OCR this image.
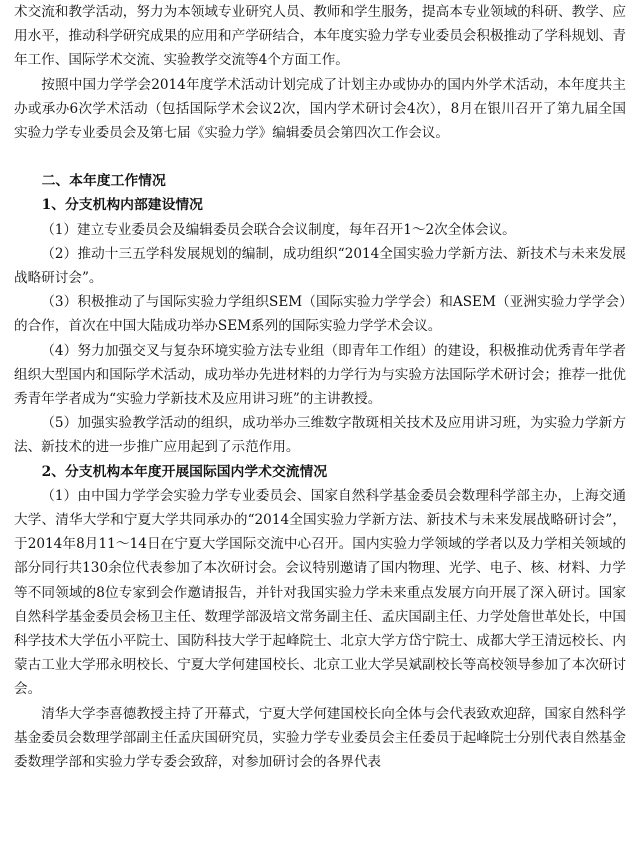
术交流和教学活动，努力为本领域专业研究人员、教师和学生服务，提高本专业领域的科研、教学、应用水平，推动科学研究成果的应用和产学研结合，本年度实验力学专业委员会积极推动了学科规划、青年工作、国际学术交流、实验教学交流等4个方面工作。

按照中国力学学会2014年度学术活动计划完成了计划主办或协办的国内外学术活动，本年度共主办或承办6次学术活动（包括国际学术会议2次，国内学术研讨会4次），8月在银川召开了第九届全国实验力学专业委员会及第七届《实验力学》编辑委员会第四次工作会议。

二、本年度工作情况
1、分支机构内部建设情况

（1）建立专业委员会及编辑委员会联合会议制度，每年召开1～2次全体会议。

（2）推动十三五学科发展规划的编制，成功组织“2014全国实验力学新方法、新技术与未来发展战略研讨会”。

（3）积极推动了与国际实验力学组织SEM（国际实验力学学会）和ASEM（亚洲实验力学学会）的合作，首次在中国大陆成功举办SEM系列的国际实验力学学术会议。

（4）努力加强交叉与复杂环境实验方法专业组（即青年工作组）的建设，积极推动优秀青年学者组织大型国内和国际学术活动，成功举办先进材料的力学行为与实验方法国际学术研讨会；推荐一批优秀青年学者成为“实验力学新技术及应用讲习班”的主讲教授。

（5）加强实验教学活动的组织，成功举办三维数字散斑相关技术及应用讲习班，为实验力学新方法、新技术的进一步推广应用起到了示范作用。

2、分支机构本年度开展国际国内学术交流情况

（1）由中国力学学会实验力学专业委员会、国家自然科学基金委员会数理科学部主办，上海交通大学、清华大学和宁夏大学共同承办的“2014全国实验力学新方法、新技术与未来发展战略研讨会”，于2014年8月11～14日在宁夏大学国际交流中心召开。国内实验力学领域的学者以及力学相关领域的部分同行共130余位代表参加了本次研讨会。会议特别邀请了国内物理、光学、电子、核、材料、力学等不同领域的8位专家到会作邀请报告，并针对我国实验力学未来重点发展方向开展了深入研讨。国家自然科学基金委员会杨卫主任、数理学部汲培文常务副主任、孟庆国副主任、力学处詹世革处长，中国科学技术大学伍小平院士、国防科技大学于起峰院士、北京大学方岱宁院士、成都大学王清远校长、内蒙古工业大学邢永明校长、宁夏大学何建国校长、北京工业大学吴斌副校长等高校领导参加了本次研讨会。

清华大学李喜德教授主持了开幕式，宁夏大学何建国校长向全体与会代表致欢迎辞，国家自然科学基金委员会数理学部副主任孟庆国研究员，实验力学专业委员会主任委员于起峰院士分别代表自然基金委数理学部和实验力学专委会致辞，对参加研讨会的各界代表
